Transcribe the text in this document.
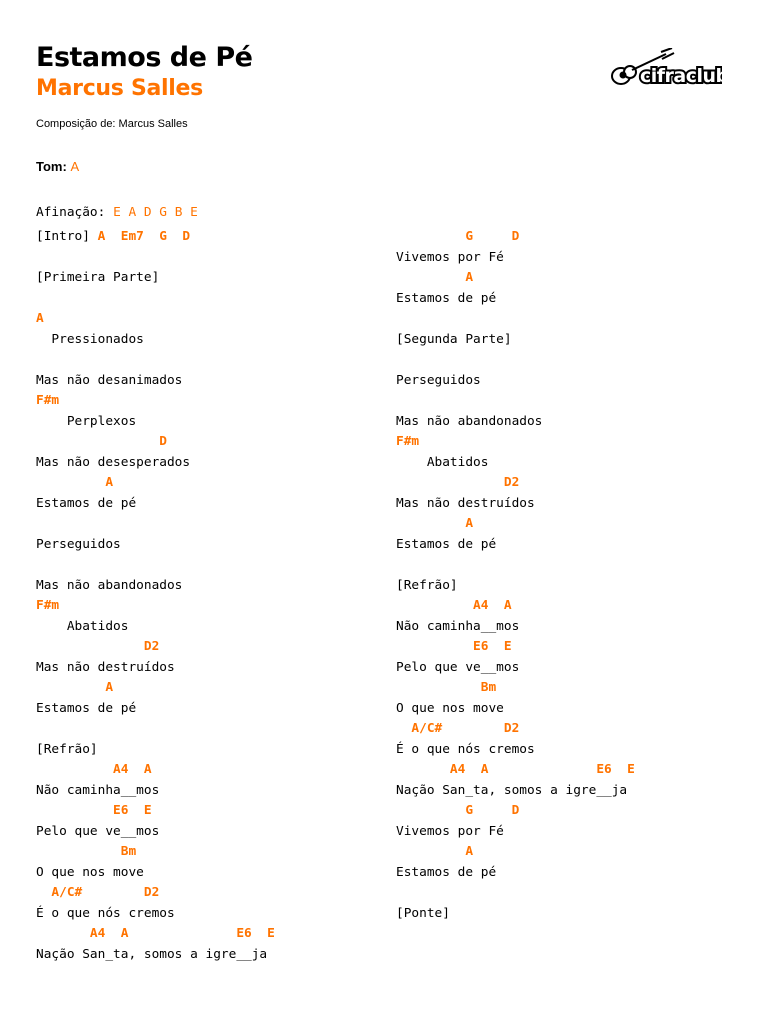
Estamos de Pé
Marcus Salles
Composição de: Marcus Salles
cifraclub
Tom: A
Afinação: E A D G B E
[Intro] A  Em7  G  D
[Primeira Parte]
A
Pressionados
Mas não desanimados
F#m
Perplexos
D
Mas não desesperados
A
Estamos de pé
Perseguidos
Mas não abandonados
F#m
Abatidos
D2
Mas não destruídos
A
Estamos de pé
[Refrão]
A4  A
Não caminha__mos
E6  E
Pelo que ve__mos
Bm
O que nos move
A/C#        D2
É o que nós cremos
A4  A              E6  E
Nação San_ta, somos a igre__ja
G     D
Vivemos por Fé
A
Estamos de pé
[Segunda Parte]
Perseguidos
Mas não abandonados
F#m
Abatidos
D2
Mas não destruídos
A
Estamos de pé
[Refrão]
A4  A
Não caminha__mos
E6  E
Pelo que ve__mos
Bm
O que nos move
A/C#        D2
É o que nós cremos
A4  A              E6  E
Nação San_ta, somos a igre__ja
G     D
Vivemos por Fé
A
Estamos de pé
[Ponte]
